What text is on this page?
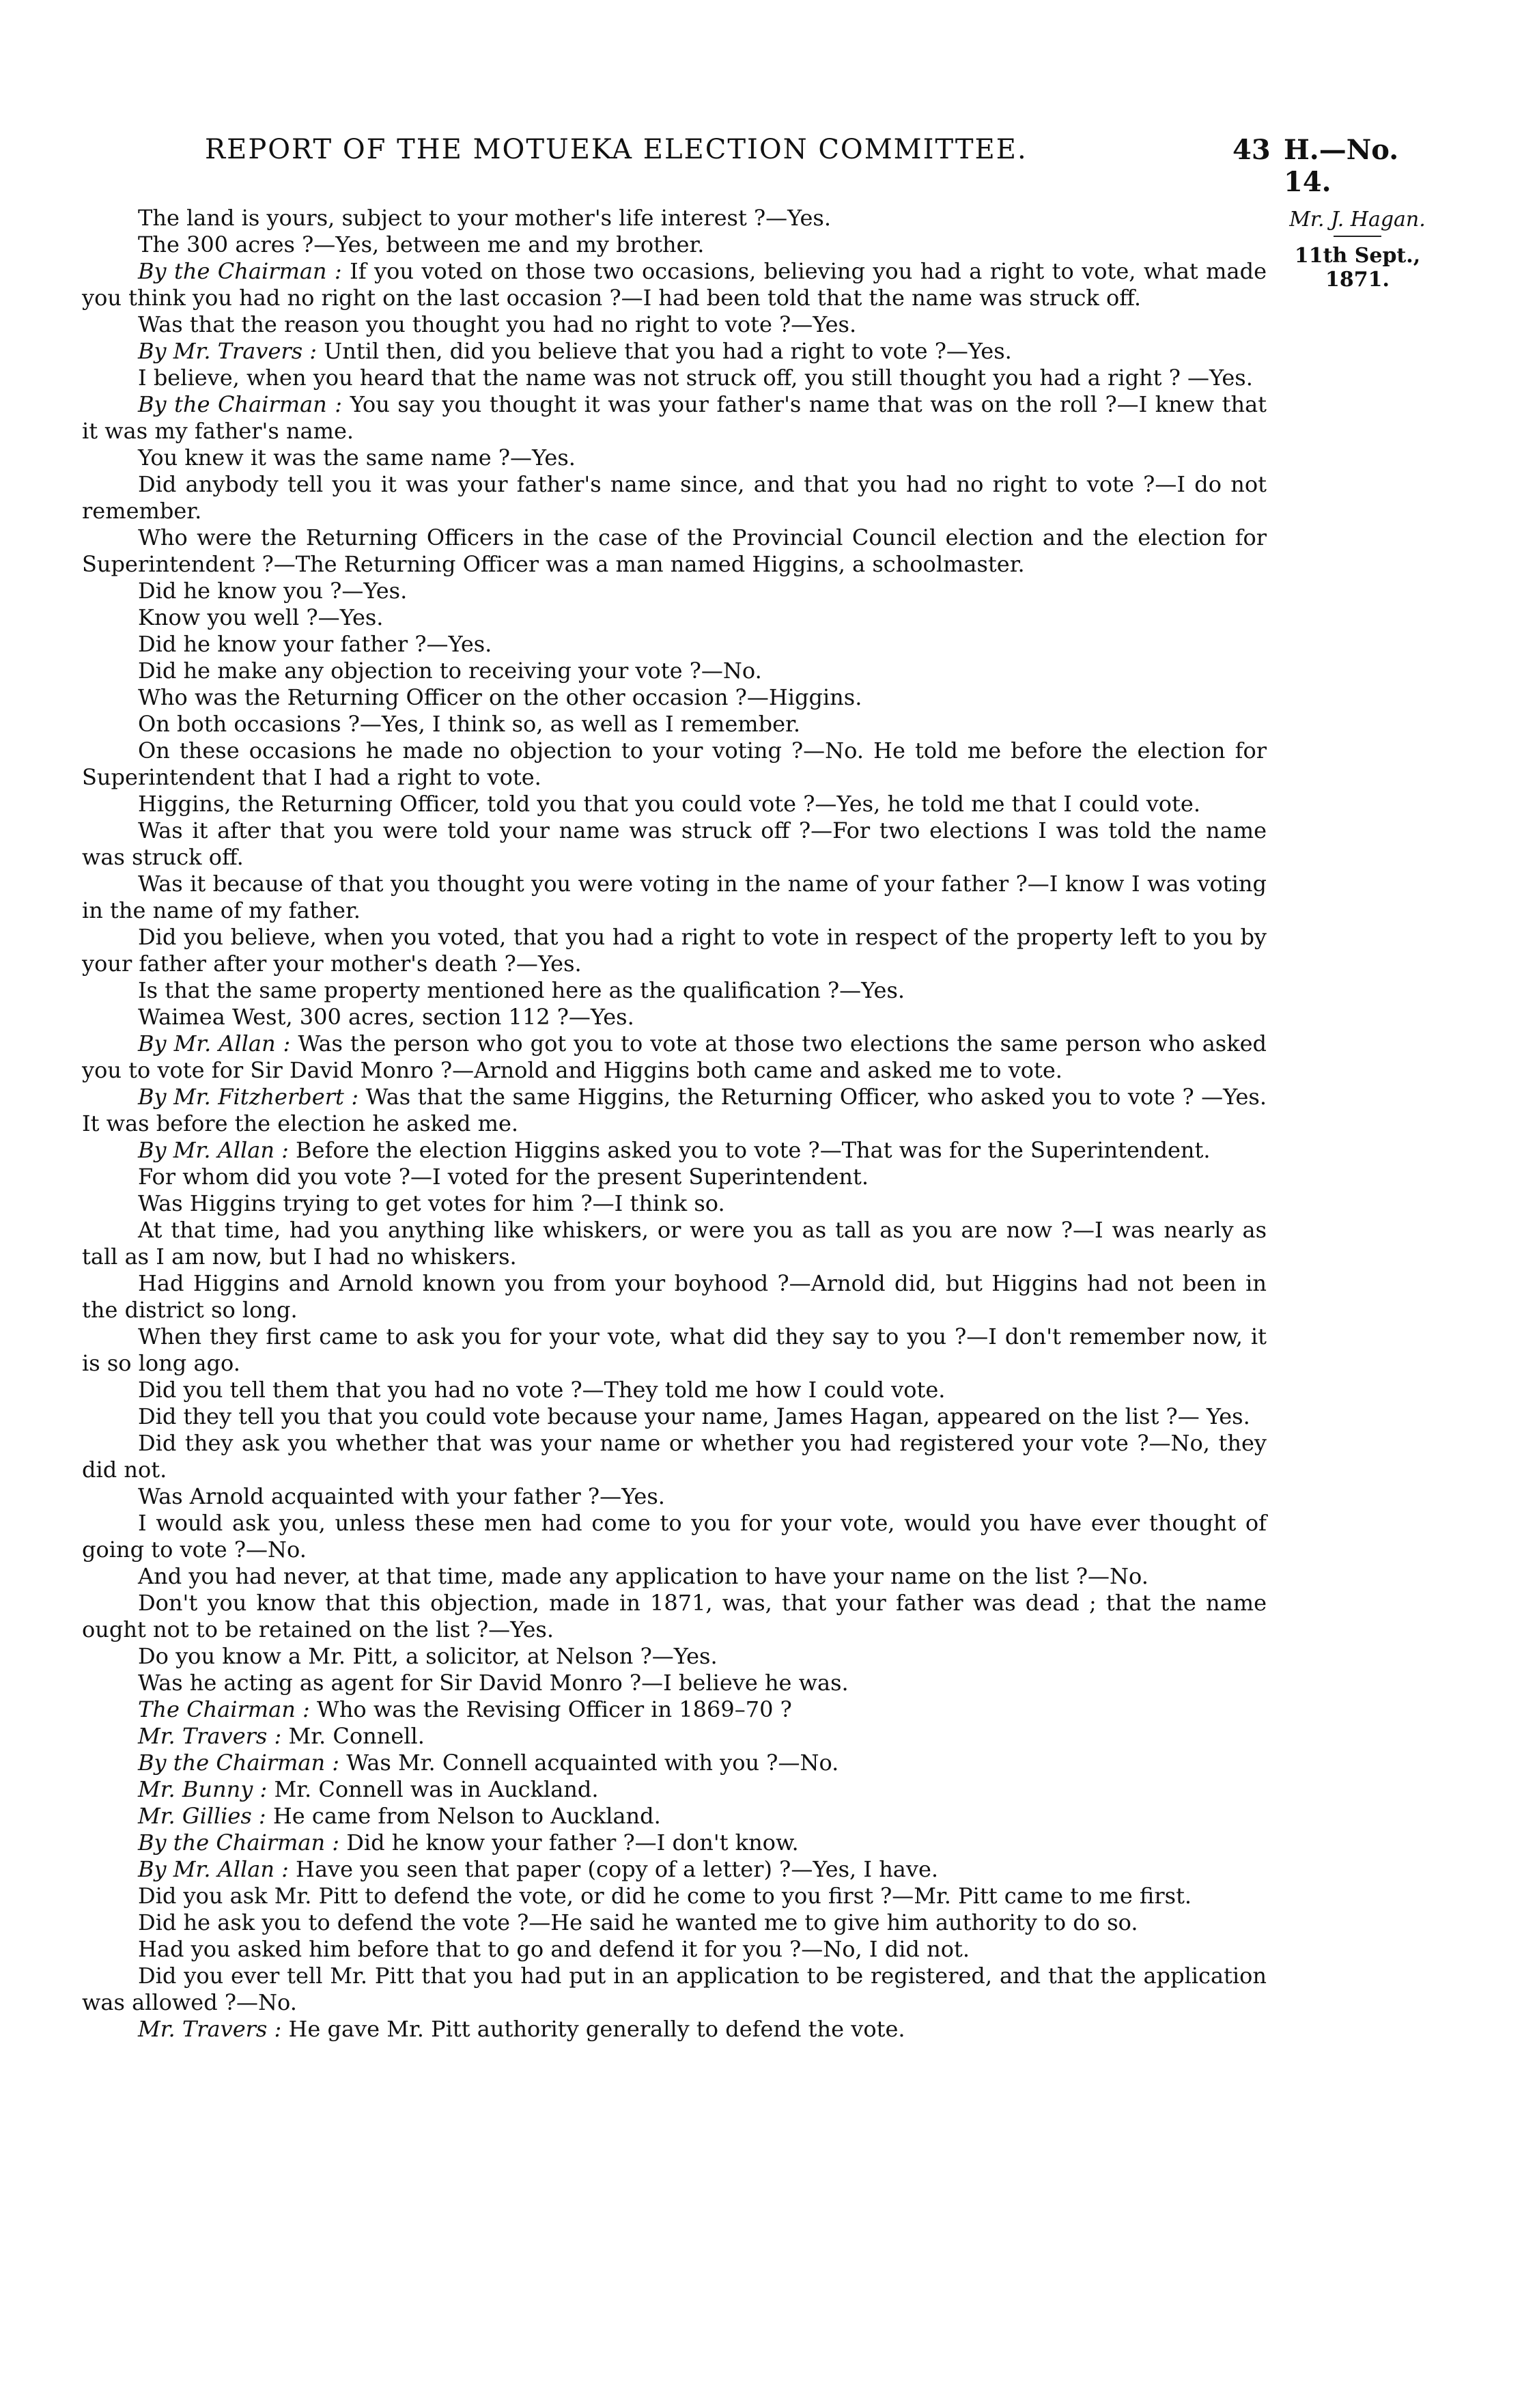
REPORT OF THE MOTUEKA ELECTION COMMITTEE.	43 H.—No. 14.
Mr. J. Hagan.
11th Sept., 1871.

The land is yours, subject to your mother's life interest ?—Yes.

The 300 acres ?—Yes, between me and my brother.

By the Chairman : If you voted on those two occasions, believing you had a right to vote, what made you think you had no right on the last occasion ?—I had been told that the name was struck off.

Was that the reason you thought you had no right to vote ?—Yes.

By Mr. Travers : Until then, did you believe that you had a right to vote ?—Yes.

I believe, when you heard that the name was not struck off, you still thought you had a right ? —Yes.

By the Chairman : You say you thought it was your father's name that was on the roll ?—I knew that it was my father's name.

You knew it was the same name ?—Yes.

Did anybody tell you it was your father's name since, and that you had no right to vote ?—I do not remember.

Who were the Returning Officers in the case of the Provincial Council election and the election for Superintendent ?—The Returning Officer was a man named Higgins, a schoolmaster.

Did he know you ?—Yes.

Know you well ?—Yes.

Did he know your father ?—Yes.

Did he make any objection to receiving your vote ?—No.

Who was the Returning Officer on the other occasion ?—Higgins.

On both occasions ?—Yes, I think so, as well as I remember.

On these occasions he made no objection to your voting ?—No. He told me before the election for Superintendent that I had a right to vote.

Higgins, the Returning Officer, told you that you could vote ?—Yes, he told me that I could vote.

Was it after that you were told your name was struck off ?—For two elections I was told the name was struck off.

Was it because of that you thought you were voting in the name of your father ?—I know I was voting in the name of my father.

Did you believe, when you voted, that you had a right to vote in respect of the property left to you by your father after your mother's death ?—Yes.

Is that the same property mentioned here as the qualification ?—Yes.

Waimea West, 300 acres, section 112 ?—Yes.

By Mr. Allan : Was the person who got you to vote at those two elections the same person who asked you to vote for Sir David Monro ?—Arnold and Higgins both came and asked me to vote.

By Mr. Fitzherbert : Was that the same Higgins, the Returning Officer, who asked you to vote ? —Yes. It was before the election he asked me.

By Mr. Allan : Before the election Higgins asked you to vote ?—That was for the Superintendent.

For whom did you vote ?—I voted for the present Superintendent.

Was Higgins trying to get votes for him ?—I think so.

At that time, had you anything like whiskers, or were you as tall as you are now ?—I was nearly as tall as I am now, but I had no whiskers.

Had Higgins and Arnold known you from your boyhood ?—Arnold did, but Higgins had not been in the district so long.

When they first came to ask you for your vote, what did they say to you ?—I don't remember now, it is so long ago.

Did you tell them that you had no vote ?—They told me how I could vote.

Did they tell you that you could vote because your name, James Hagan, appeared on the list ?— Yes.

Did they ask you whether that was your name or whether you had registered your vote ?—No, they did not.

Was Arnold acquainted with your father ?—Yes.

I would ask you, unless these men had come to you for your vote, would you have ever thought of going to vote ?—No.

And you had never, at that time, made any application to have your name on the list ?—No.

Don't you know that this objection, made in 1871, was, that your father was dead ; that the name ought not to be retained on the list ?—Yes.

Do you know a Mr. Pitt, a solicitor, at Nelson ?—Yes.

Was he acting as agent for Sir David Monro ?—I believe he was.

The Chairman : Who was the Revising Officer in 1869–70 ?

Mr. Travers : Mr. Connell.

By the Chairman : Was Mr. Connell acquainted with you ?—No.

Mr. Bunny : Mr. Connell was in Auckland.

Mr. Gillies : He came from Nelson to Auckland.

By the Chairman : Did he know your father ?—I don't know.

By Mr. Allan : Have you seen that paper (copy of a letter) ?—Yes, I have.

Did you ask Mr. Pitt to defend the vote, or did he come to you first ?—Mr. Pitt came to me first.

Did he ask you to defend the vote ?—He said he wanted me to give him authority to do so.

Had you asked him before that to go and defend it for you ?—No, I did not.

Did you ever tell Mr. Pitt that you had put in an application to be registered, and that the application was allowed ?—No.

Mr. Travers : He gave Mr. Pitt authority generally to defend the vote.
